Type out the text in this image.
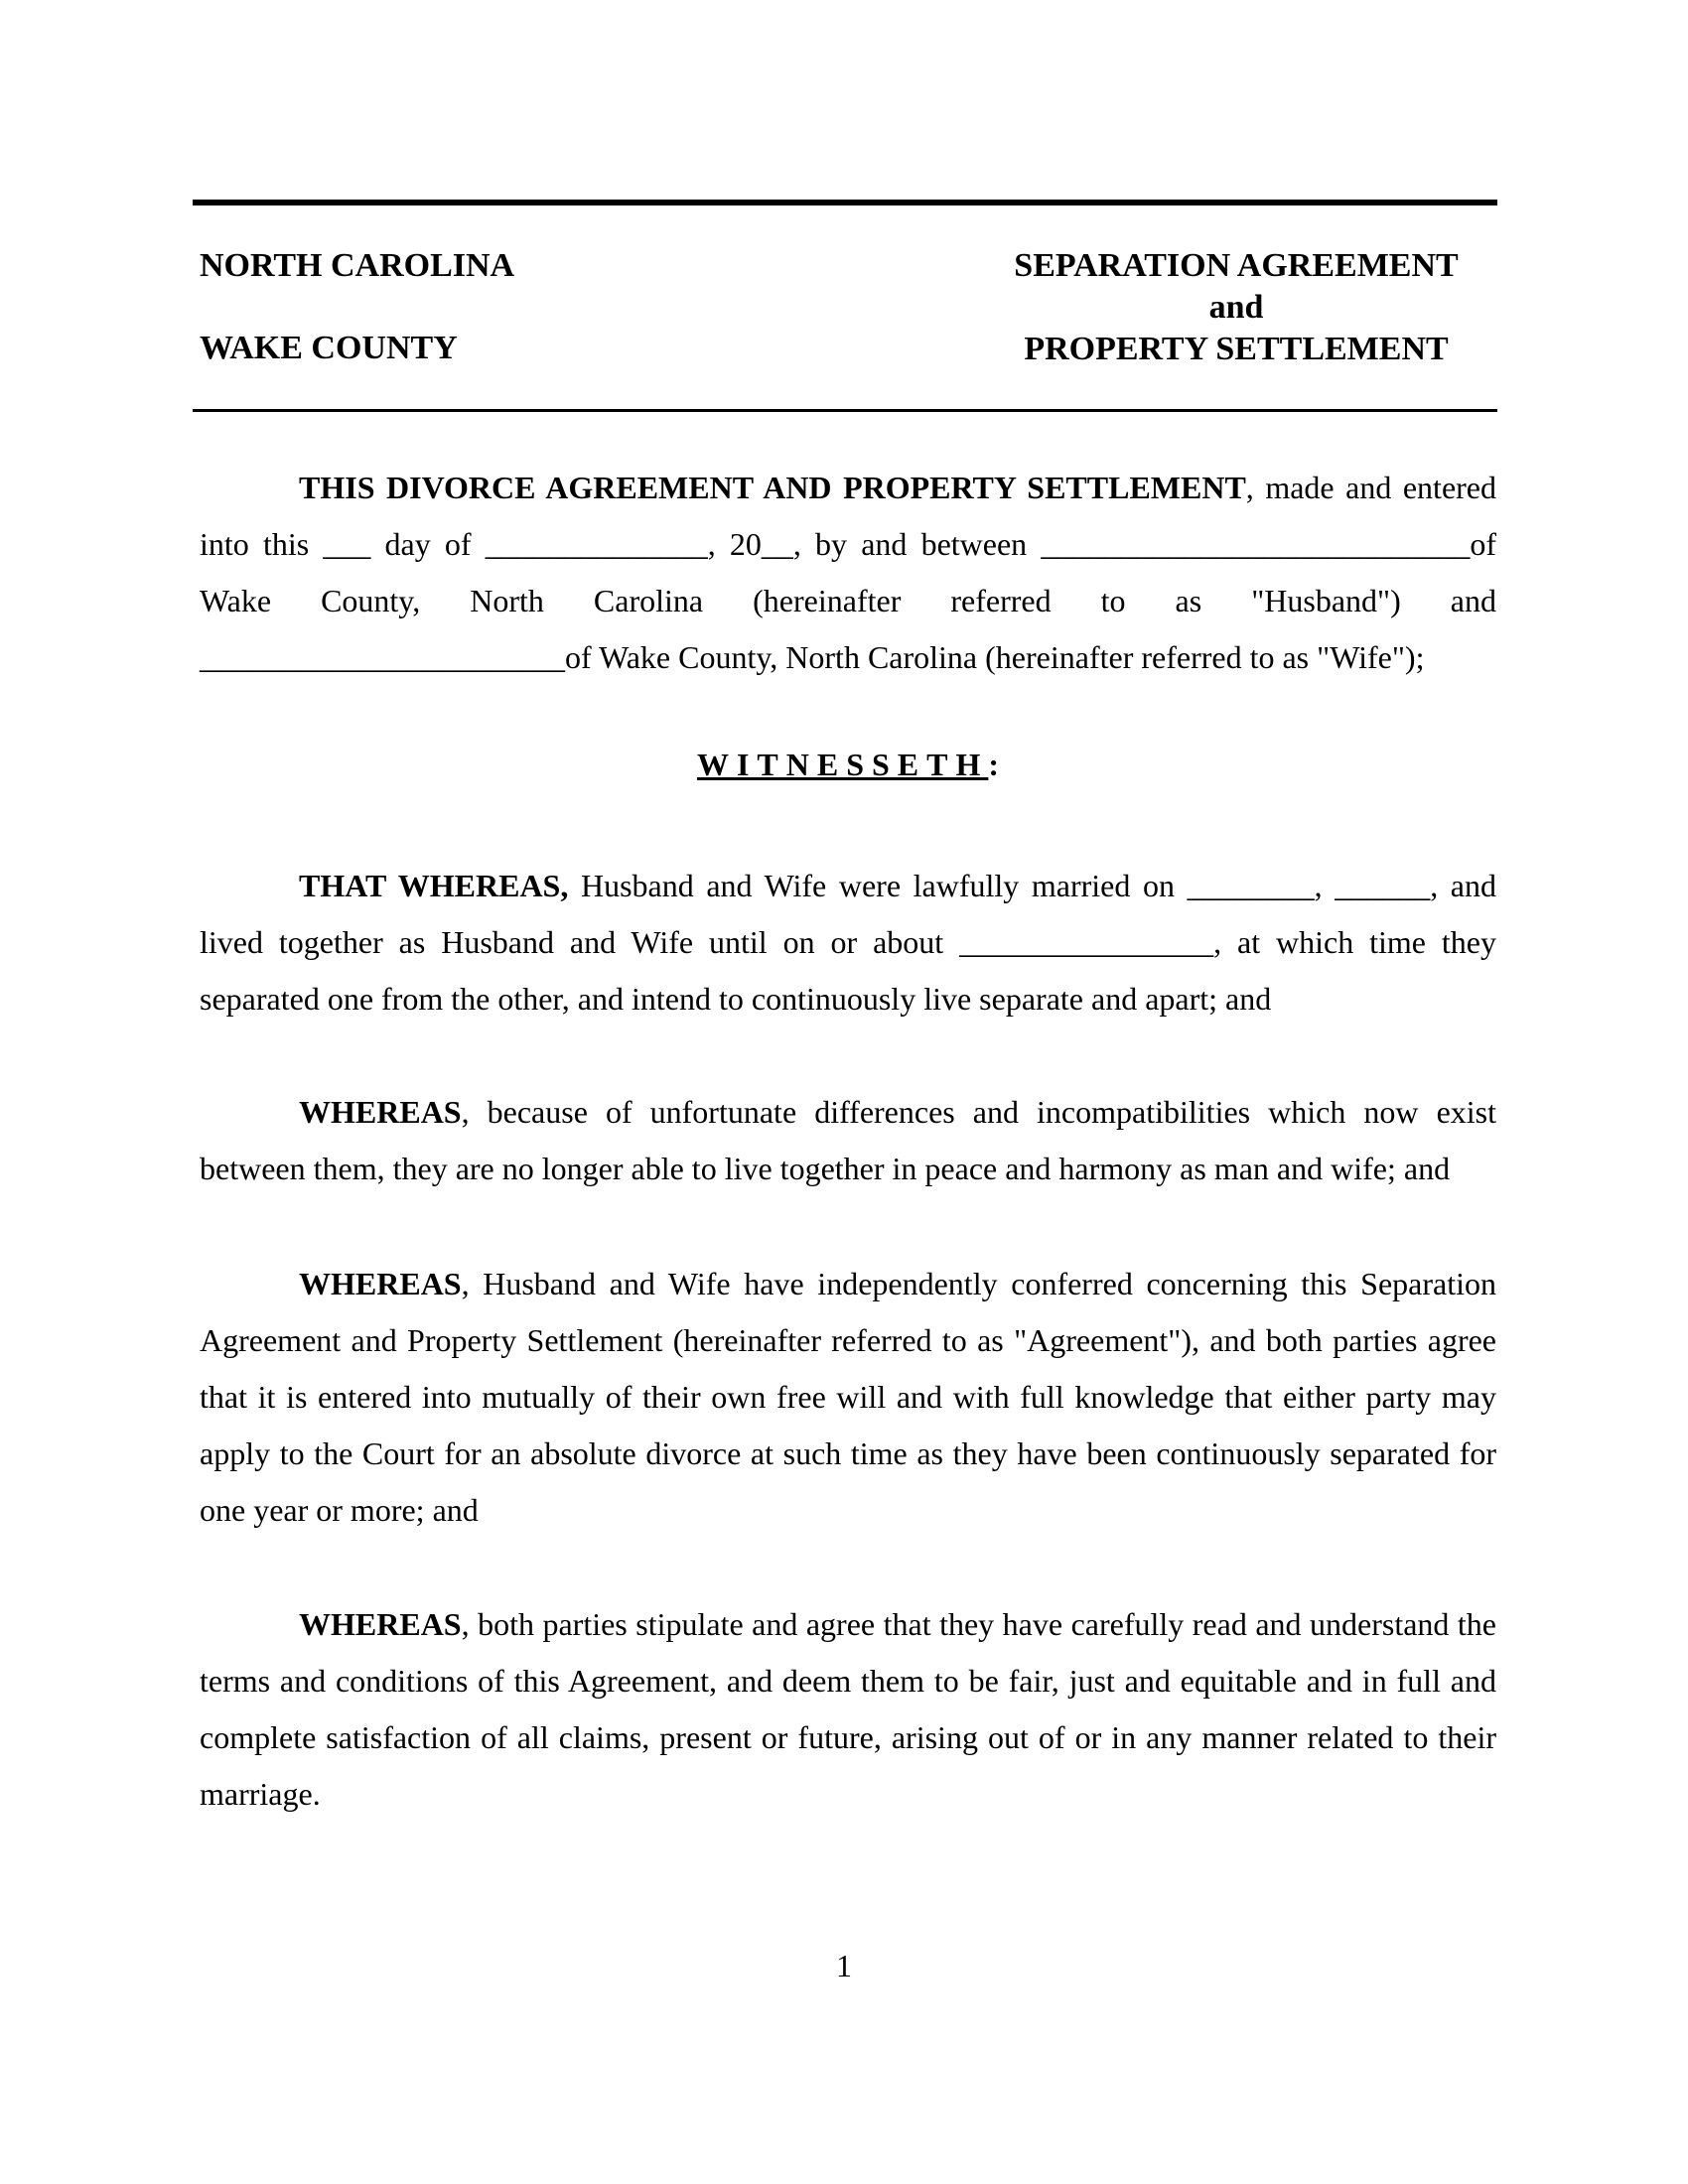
NORTH CAROLINA
WAKE COUNTY
SEPARATION AGREEMENT
and
PROPERTY SETTLEMENT

THIS DIVORCE AGREEMENT AND PROPERTY SETTLEMENT, made and entered into this ___ day of ______________, 20__, by and between ___________________________of Wake County, North Carolina (hereinafter referred to as "Husband") and _______________________of Wake County, North Carolina (hereinafter referred to as "Wife");

WITNESSETH:

THAT WHEREAS, Husband and Wife were lawfully married on ________, ______, and lived together as Husband and Wife until on or about ________________, at which time they separated one from the other, and intend to continuously live separate and apart; and

WHEREAS, because of unfortunate differences and incompatibilities which now exist between them, they are no longer able to live together in peace and harmony as man and wife; and

WHEREAS, Husband and Wife have independently conferred concerning this Separation Agreement and Property Settlement (hereinafter referred to as "Agreement"), and both parties agree that it is entered into mutually of their own free will and with full knowledge that either party may apply to the Court for an absolute divorce at such time as they have been continuously separated for one year or more; and

WHEREAS, both parties stipulate and agree that they have carefully read and understand the terms and conditions of this Agreement, and deem them to be fair, just and equitable and in full and complete satisfaction of all claims, present or future, arising out of or in any manner related to their marriage.

1
